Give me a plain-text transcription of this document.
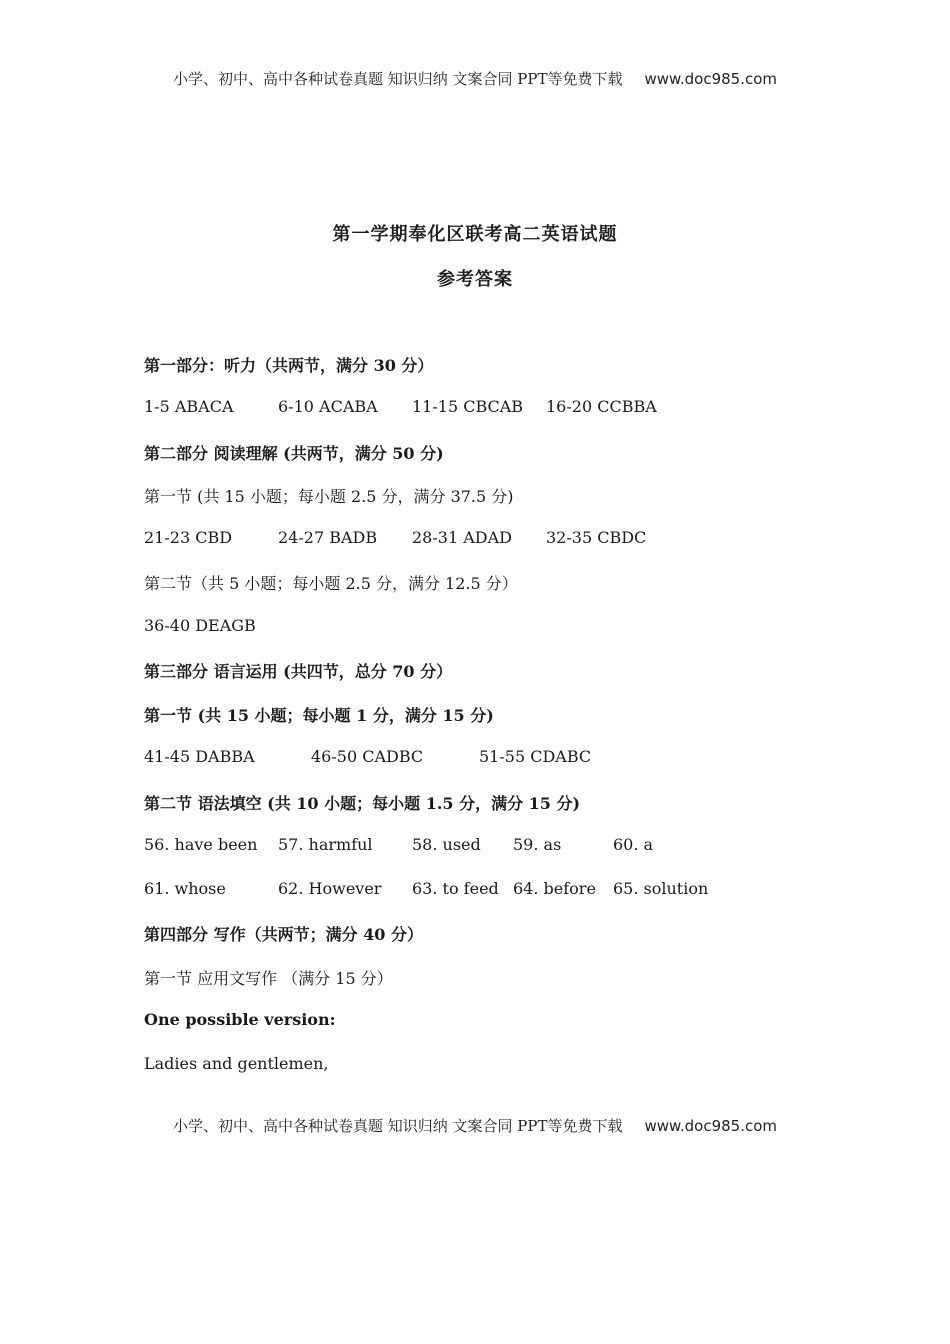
小学、初中、高中各种试卷真题 知识归纳 文案合同 PPT等免费下载 www.doc985.com
第一学期奉化区联考高二英语试题
参考答案
第一部分：听力（共两节，满分 30 分）
1-5 ABACA	6-10 ACABA 11-15 CBCAB 16-20 CCBBA
第二部分 阅读理解 (共两节，满分 50 分)
第一节 (共 15 小题；每小题 2.5 分，满分 37.5 分)
21-23 CBD	24-27 BADB 28-31 ADAD 32-35 CBDC
第二节（共 5 小题；每小题 2.5 分，满分 12.5 分）
36-40 DEAGB
第三部分 语言运用 (共四节，总分 70 分）
第一节 (共 15 小题；每小题 1 分，满分 15 分)
41-45 DABBA	46-50 CADBC	51-55 CDABC
第二节 语法填空 (共 10 小题；每小题 1.5 分，满分 15 分)
56. have been 57. harmful 58. used 59. as	60. a
61. whose	62. However 63. to feed 64. before 65. solution
第四部分 写作（共两节；满分 40 分）
第一节 应用文写作 （满分 15 分）
One possible version:
Ladies and gentlemen,
小学、初中、高中各种试卷真题 知识归纳 文案合同 PPT等免费下载 www.doc985.com
